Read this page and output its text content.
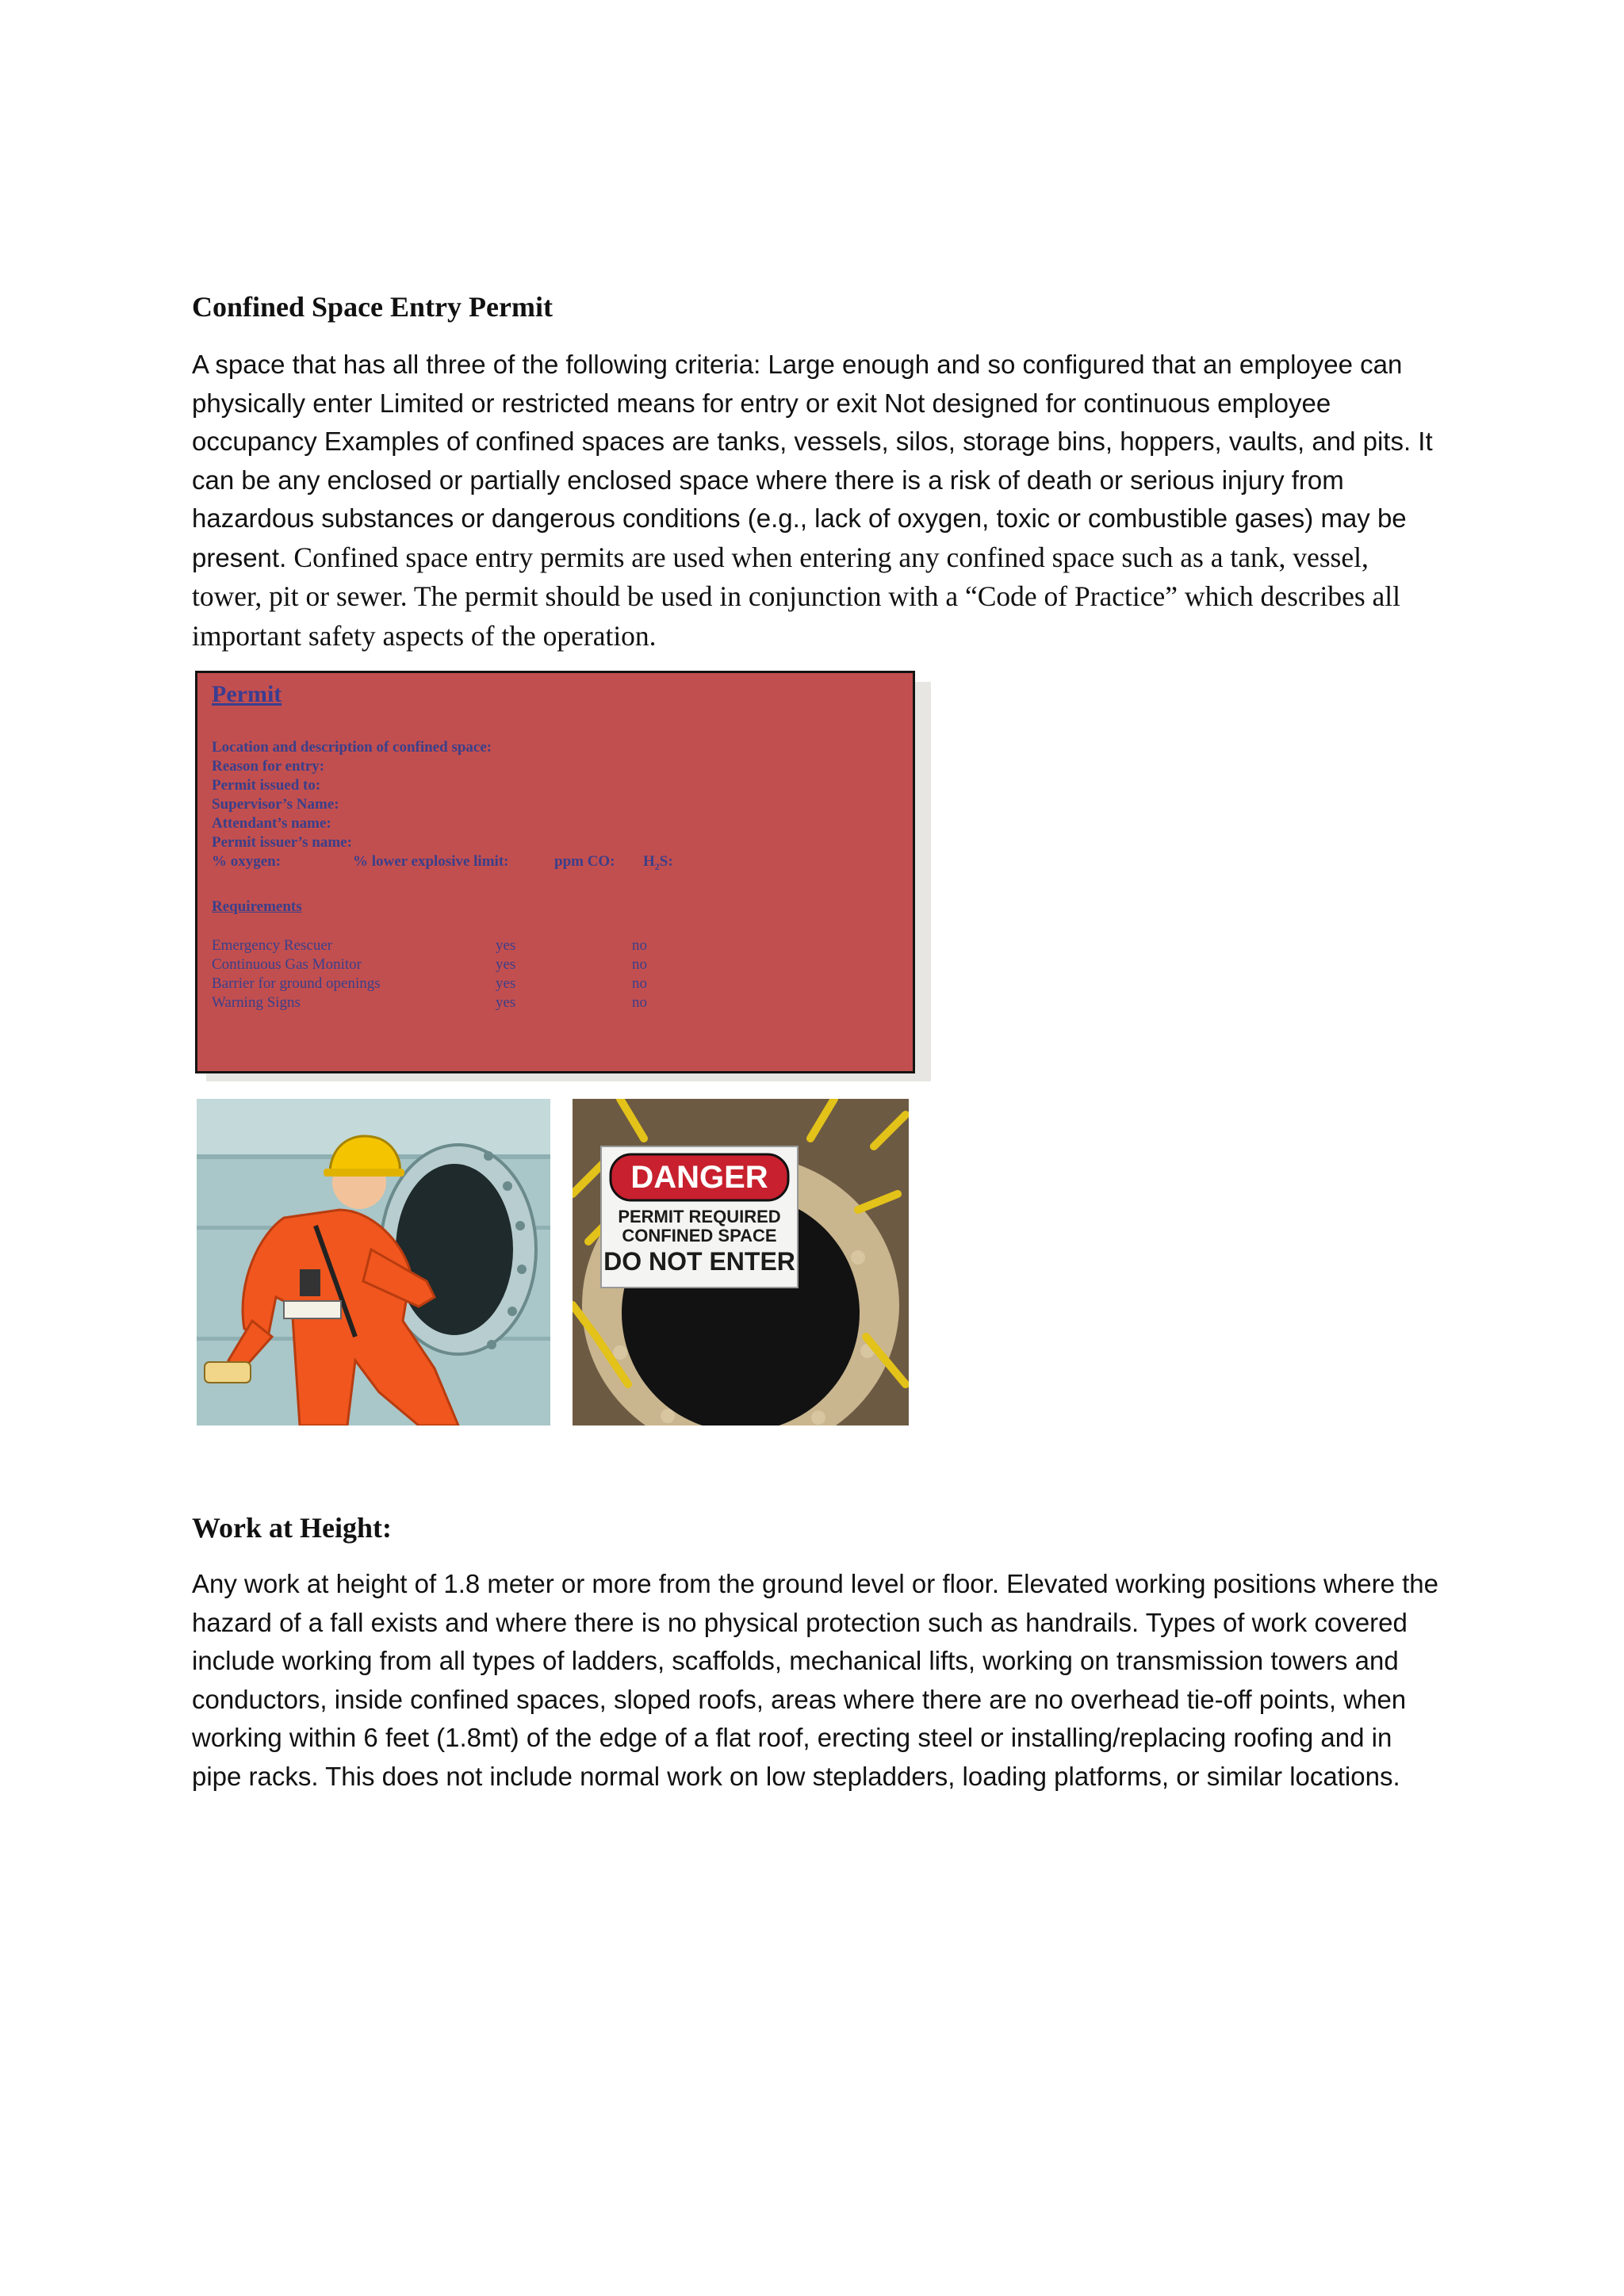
Confined Space Entry Permit
A space that has all three of the following criteria: Large enough and so configured that an employee can physically enter Limited or restricted means for entry or exit Not designed for continuous employee occupancy Examples of confined spaces are tanks, vessels, silos, storage bins, hoppers, vaults, and pits. It can be any enclosed or partially enclosed space where there is a risk of death or serious injury from hazardous substances or dangerous conditions (e.g., lack of oxygen, toxic or combustible gases) may be present. Confined space entry permits are used when entering any confined space such as a tank, vessel, tower, pit or sewer. The permit should be used in conjunction with a “Code of Practice” which describes all important safety aspects of the operation.
Permit
Location and description of confined space:
Reason for entry:
Permit issued to:
Supervisor’s Name:
Attendant’s name:
Permit issuer’s name:
% oxygen:	% lower explosive limit:	ppm CO: $H_2S$:
Requirements
Emergency Rescuer	yes	no
Continuous Gas Monitor	yes	no
Barrier for ground openings	yes	no
Warning Signs	yes	no
DANGER
PERMIT REQUIRED
CONFINED SPACE
DO NOT ENTER
Work at Height:
Any work at height of 1.8 meter or more from the ground level or floor. Elevated working positions where the hazard of a fall exists and where there is no physical protection such as handrails. Types of work covered include working from all types of ladders, scaffolds, mechanical lifts, working on transmission towers and conductors, inside confined spaces, sloped roofs, areas where there are no overhead tie-off points, when working within 6 feet (1.8mt) of the edge of a flat roof, erecting steel or installing/replacing roofing and in pipe racks. This does not include normal work on low stepladders, loading platforms, or similar locations.
